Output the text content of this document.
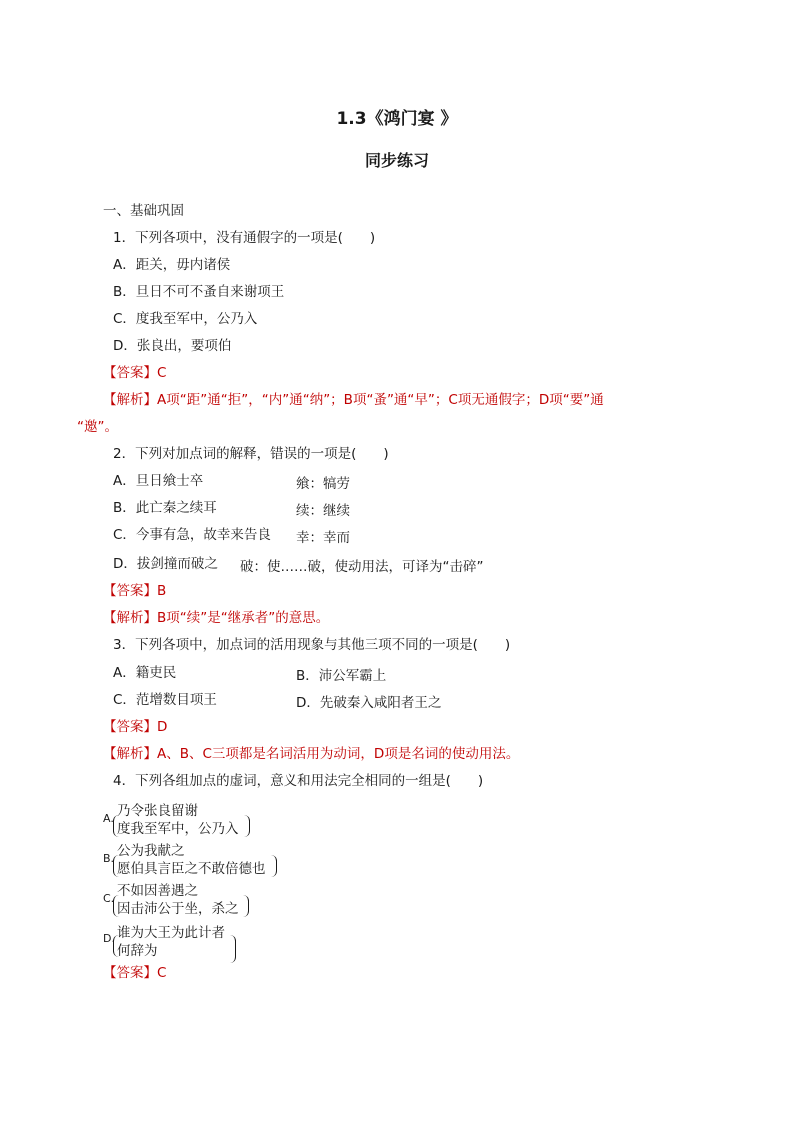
1.3《鸿门宴 》
同步练习
一、基础巩固
1．下列各项中，没有通假字的一项是(　　)
A．距关，毋内诸侯
B．旦日不可不蚤自来谢项王
C．度我至军中，公乃入
D．张良出，要项伯
【答案】C
【解析】A项“距”通“拒”，“内”通“纳”；B项“蚤”通“早”；C项无通假字；D项“要”通
“邀”。
2．下列对加点词的解释，错误的一项是(　　)
A．旦日飨士卒	飨：犒劳
B．此亡秦之续耳	续：继续
C．今事有急，故幸来告良 幸：幸而
D．拔剑撞而破之 破：使……破，使动用法，可译为“击碎”
【答案】B
【解析】B项“续”是“继承者”的意思。
3．下列各项中，加点词的活用现象与其他三项不同的一项是(　　)
A．籍吏民	B．沛公军霸上
C．范增数目项王	D．先破秦入咸阳者王之
【答案】D
【解析】A、B、C三项都是名词活用为动词，D项是名词的使动用法。
4．下列各组加点的虚词，意义和用法完全相同的一组是(　　)
A. 乃令张良留谢
度我至军中，公乃入
B. 公为我献之
愿伯具言臣之不敢倍德也
C. 不如因善遇之
因击沛公于坐，杀之
D. 谁为大王为此计者
何辞为
【答案】C
